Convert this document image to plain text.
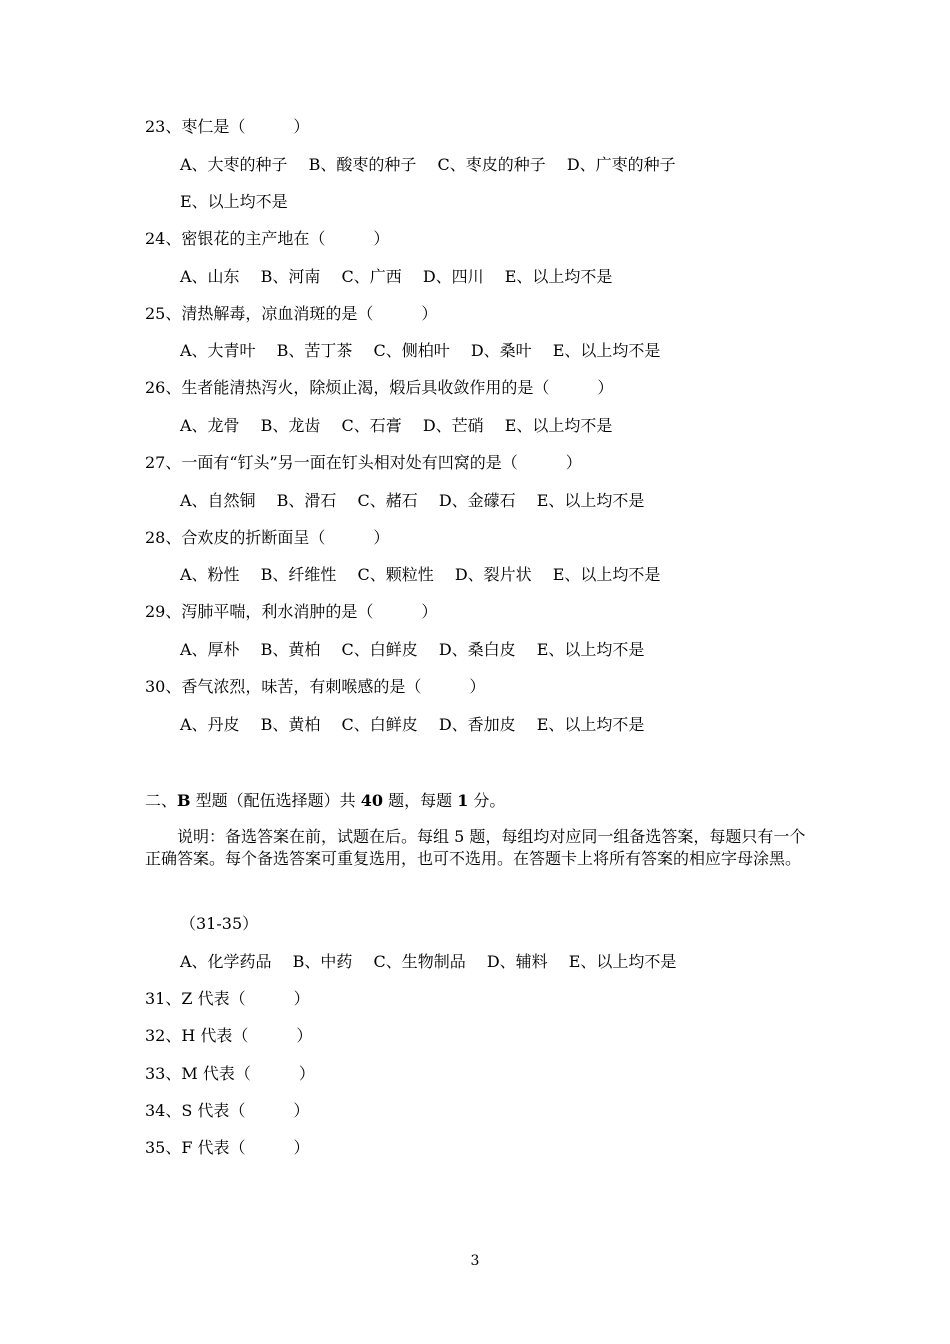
23、枣仁是（　　　）
A、大枣的种子　 B、酸枣的种子　 C、枣皮的种子　 D、广枣的种子
E、以上均不是
24、密银花的主产地在（　　　）
A、山东　 B、河南　 C、广西　 D、四川　 E、以上均不是
25、清热解毒，凉血消斑的是（　　　）
A、大青叶　 B、苦丁茶　 C、侧柏叶　 D、桑叶　 E、以上均不是
26、生者能清热泻火，除烦止渴，煅后具收敛作用的是（　　　）
A、龙骨　 B、龙齿　 C、石膏　 D、芒硝　 E、以上均不是
27、一面有“钉头”另一面在钉头相对处有凹窝的是（　　　）
A、自然铜　 B、滑石　 C、赭石　 D、金礞石　 E、以上均不是
28、合欢皮的折断面呈（　　　）
A、粉性　 B、纤维性　 C、颗粒性　 D、裂片状　 E、以上均不是
29、泻肺平喘，利水消肿的是（　　　）
A、厚朴　 B、黄柏　 C、白鲜皮　 D、桑白皮　 E、以上均不是
30、香气浓烈，味苦，有刺喉感的是（　　　）
A、丹皮　 B、黄柏　 C、白鲜皮　 D、香加皮　 E、以上均不是
二、B 型题（配伍选择题）共 40 题，每题 1 分。
说明：备选答案在前，试题在后。每组 5 题，每组均对应同一组备选答案，每题只有一个正确答案。每个备选答案可重复选用，也可不选用。在答题卡上将所有答案的相应字母涂黑。
（31-35）
A、化学药品　 B、中药　 C、生物制品　 D、辅料　 E、以上均不是
31、Z 代表（　　　）
32、H 代表（　　　）
33、M 代表（　　　）
34、S 代表（　　　）
35、F 代表（　　　）
3
